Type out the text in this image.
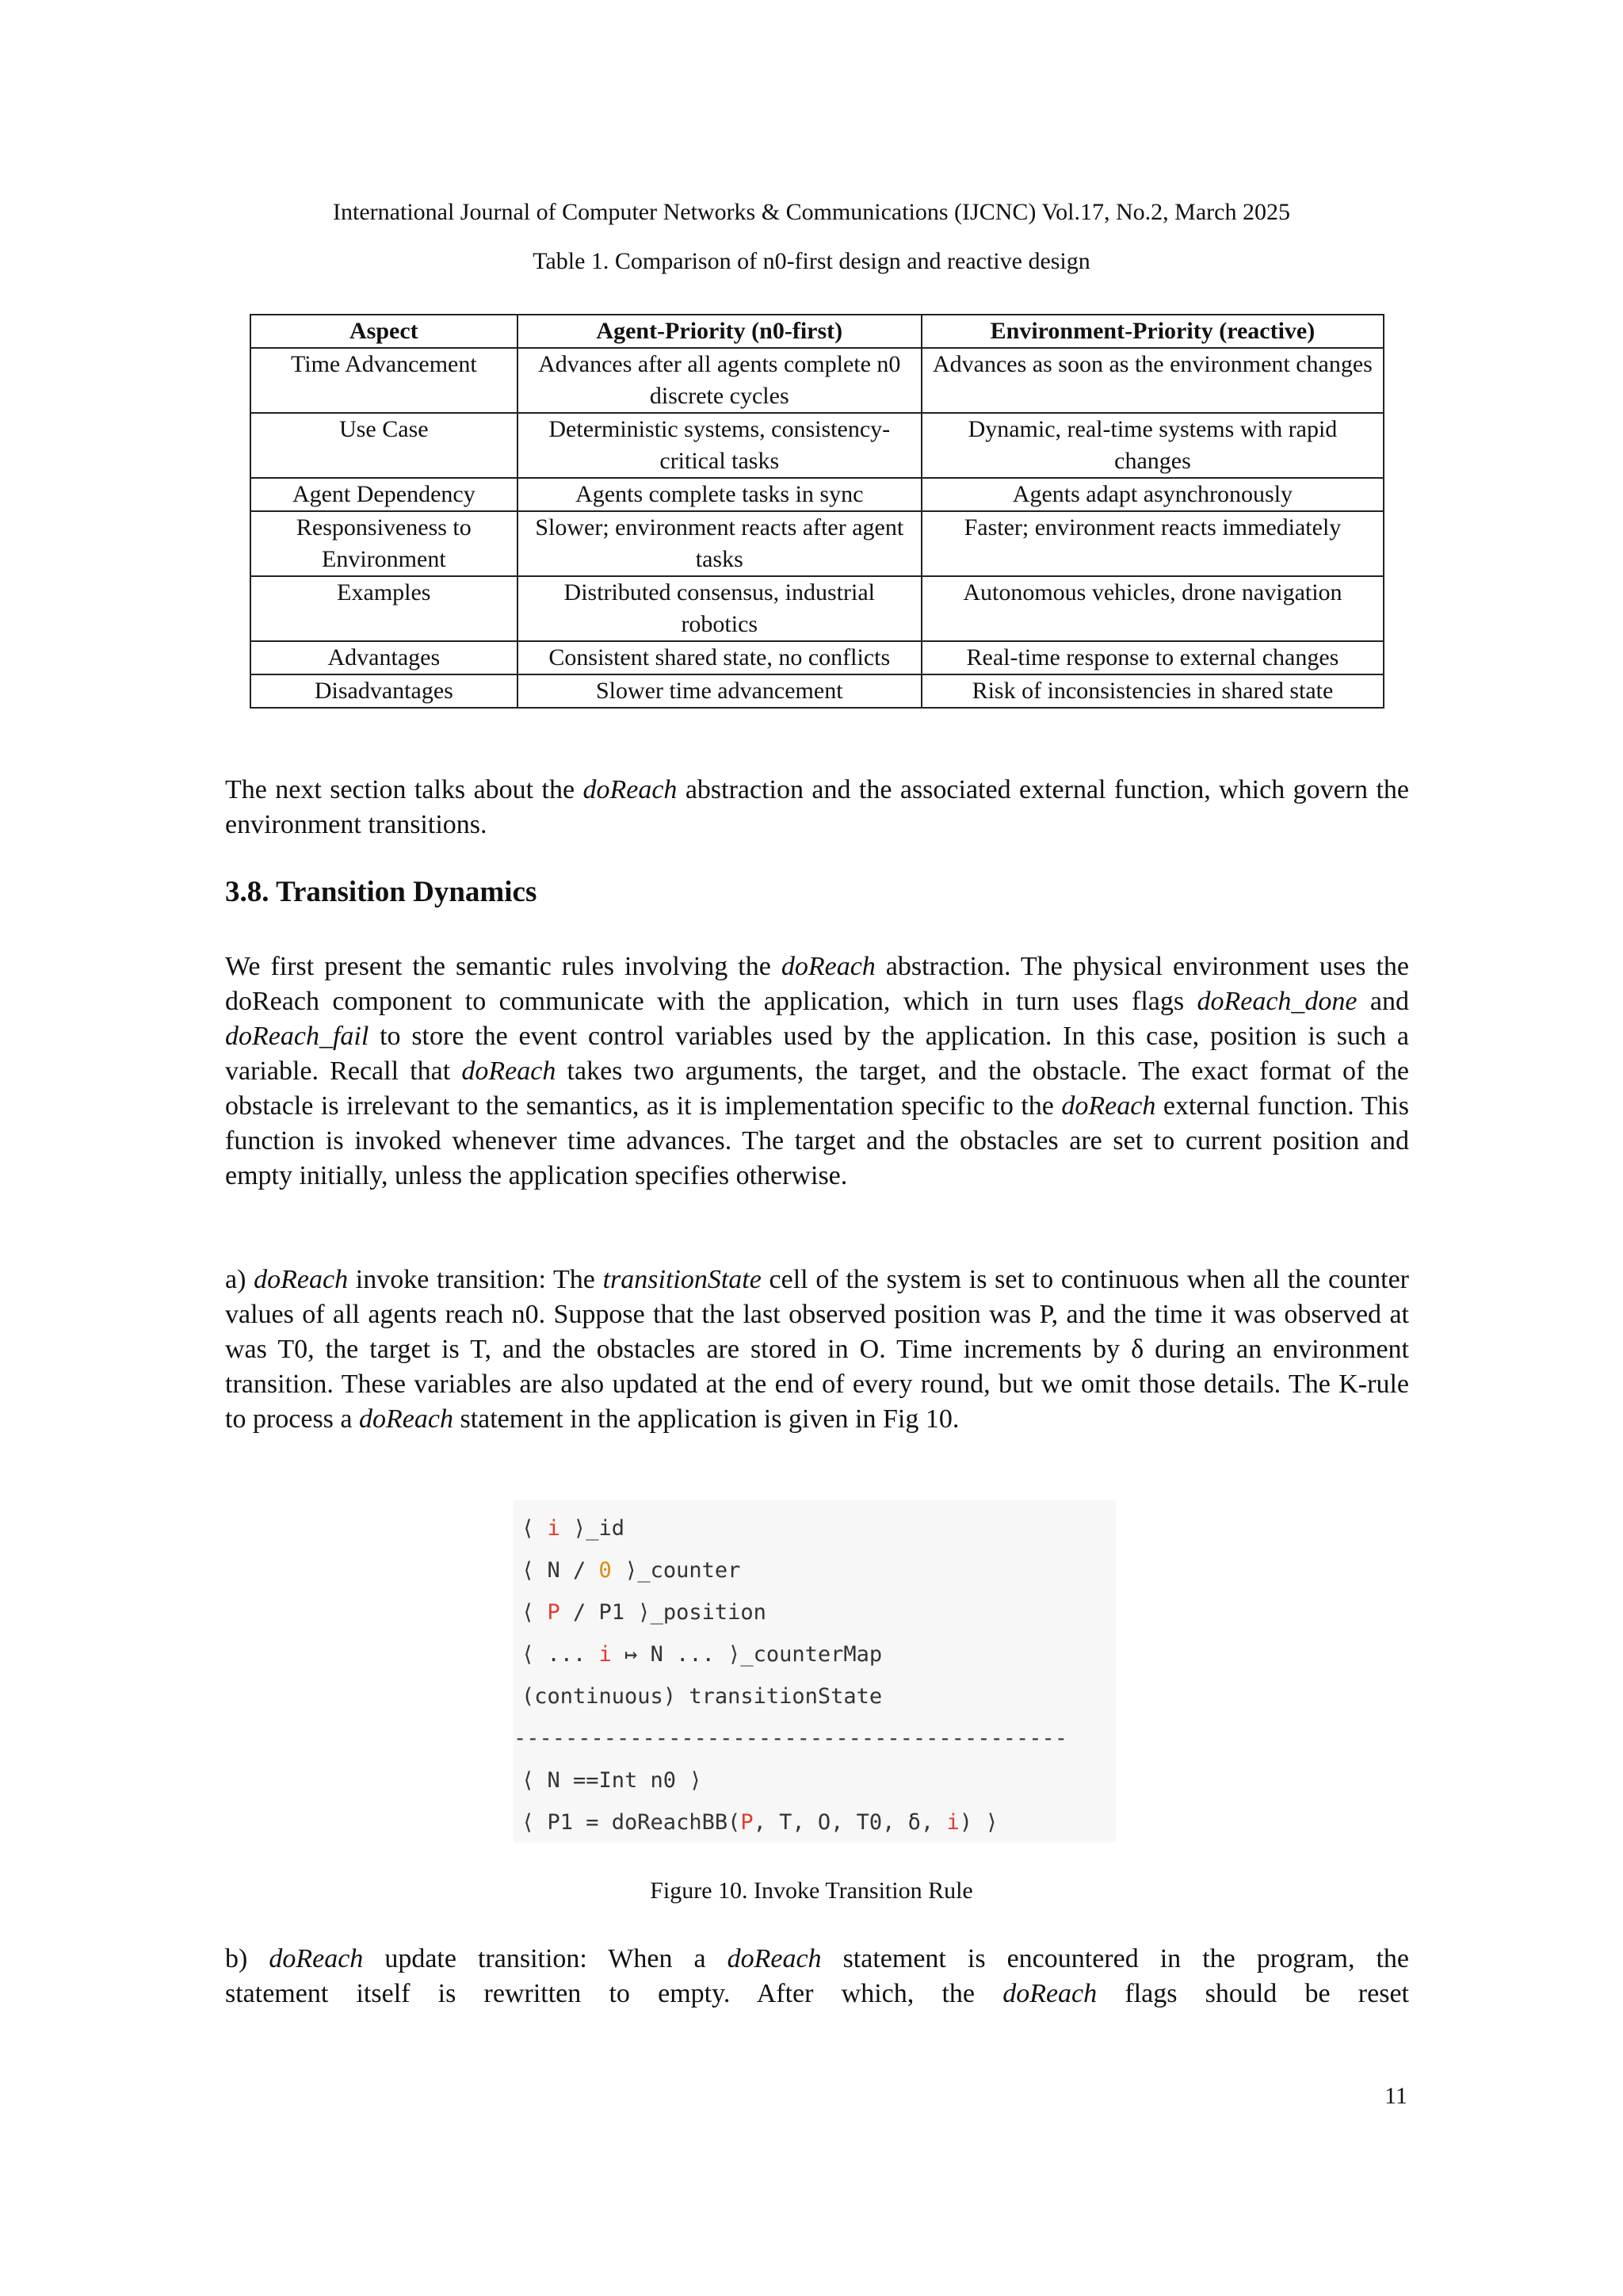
International Journal of Computer Networks & Communications (IJCNC) Vol.17, No.2, March 2025
Table 1. Comparison of n0-first design and reactive design
Aspect	Agent-Priority (n0-first)	Environment-Priority (reactive)
Time Advancement	Advances after all agents complete n0 discrete cycles	Advances as soon as the environment changes
Use Case	Deterministic systems, consistency-critical tasks	Dynamic, real-time systems with rapid changes
Agent Dependency	Agents complete tasks in sync	Agents adapt asynchronously
Responsiveness to Environment	Slower; environment reacts after agent tasks	Faster; environment reacts immediately
Examples	Distributed consensus, industrial robotics	Autonomous vehicles, drone navigation
Advantages	Consistent shared state, no conflicts	Real-time response to external changes
Disadvantages	Slower time advancement	Risk of inconsistencies in shared state
The next section talks about the doReach abstraction and the associated external function, which govern the environment transitions.
3.8. Transition Dynamics
We first present the semantic rules involving the doReach abstraction. The physical environment uses the doReach component to communicate with the application, which in turn uses flags doReach_done and doReach_fail to store the event control variables used by the application. In this case, position is such a variable. Recall that doReach takes two arguments, the target, and the obstacle. The exact format of the obstacle is irrelevant to the semantics, as it is implementation specific to the doReach external function. This function is invoked whenever time advances. The target and the obstacles are set to current position and empty initially, unless the application specifies otherwise.
a) doReach invoke transition: The transitionState cell of the system is set to continuous when all the counter values of all agents reach n0. Suppose that the last observed position was P, and the time it was observed at was T0, the target is T, and the obstacles are stored in O. Time increments by δ during an environment transition. These variables are also updated at the end of every round, but we omit those details. The K-rule to process a doReach statement in the application is given in Fig 10.
⟨ i ⟩_id
⟨ N / 0 ⟩_counter
⟨ P / P1 ⟩_position
⟨ ... i ↦ N ... ⟩_counterMap
(continuous) transitionState
-------------------------------------------
⟨ N ==Int n0 ⟩
⟨ P1 = doReachBB(P, T, O, T0, δ, i) ⟩
Figure 10. Invoke Transition Rule
b) doReach update transition: When a doReach statement is encountered in the program, the
statement itself is rewritten to empty. After which, the doReach flags should be reset
11
